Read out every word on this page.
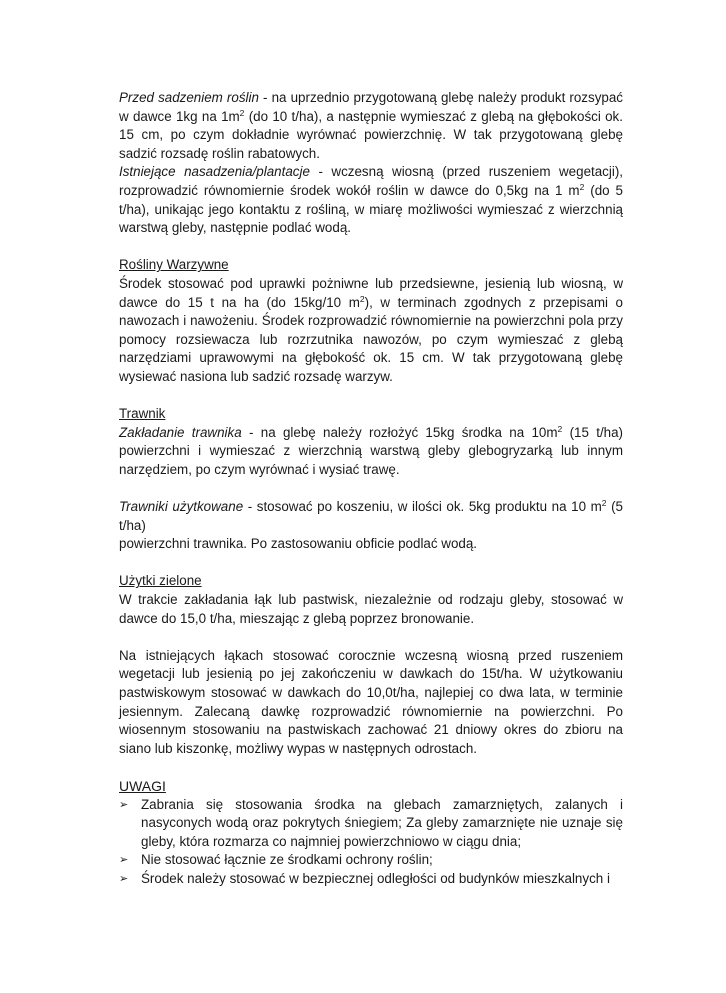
Przed sadzeniem roślin - na uprzednio przygotowaną glebę należy produkt rozsypać w dawce 1kg na $1m^2$ (do 10 t/ha), a następnie wymieszać z glebą na głębokości ok. 15 cm, po czym dokładnie wyrównać powierzchnię. W tak przygotowaną glebę sadzić rozsadę roślin rabatowych.

Istniejące nasadzenia/plantacje - wczesną wiosną (przed ruszeniem wegetacji), rozprowadzić równomiernie środek wokół roślin w dawce do 0,5kg na 1 $m^2$ (do 5 t/ha), unikając jego kontaktu z rośliną, w miarę możliwości wymieszać z wierzchnią warstwą gleby, następnie podlać wodą.

Rośliny Warzywne

Środek stosować pod uprawki pożniwne lub przedsiewne, jesienią lub wiosną, w dawce do 15 t na ha (do 15kg/10 $m^2$), w terminach zgodnych z przepisami o nawozach i nawożeniu. Środek rozprowadzić równomiernie na powierzchni pola przy pomocy rozsiewacza lub rozrzutnika nawozów, po czym wymieszać z glebą narzędziami uprawowymi na głębokość ok. 15 cm. W tak przygotowaną glebę wysiewać nasiona lub sadzić rozsadę warzyw.

Trawnik

Zakładanie trawnika - na glebę należy rozłożyć 15kg środka na $10m^2$ (15 t/ha) powierzchni i wymieszać z wierzchnią warstwą gleby glebogryzarką lub innym narzędziem, po czym wyrównać i wysiać trawę.

Trawniki użytkowane - stosować po koszeniu, w ilości ok. 5kg produktu na 10 $m^2$ (5 t/ha)

powierzchni trawnika. Po zastosowaniu obficie podlać wodą.

Użytki zielone

W trakcie zakładania łąk lub pastwisk, niezależnie od rodzaju gleby, stosować w dawce do 15,0 t/ha, mieszając z glebą poprzez bronowanie.

Na istniejących łąkach stosować corocznie wczesną wiosną przed ruszeniem wegetacji lub jesienią po jej zakończeniu w dawkach do 15t/ha. W użytkowaniu pastwiskowym stosować w dawkach do 10,0t/ha, najlepiej co dwa lata, w terminie jesiennym. Zalecaną dawkę rozprowadzić równomiernie na powierzchni. Po wiosennym stosowaniu na pastwiskach zachować 21 dniowy okres do zbioru na siano lub kiszonkę, możliwy wypas w następnych odrostach.

UWAGI

➢ Zabrania się stosowania środka na glebach zamarzniętych, zalanych i nasyconych wodą oraz pokrytych śniegiem; Za gleby zamarznięte nie uznaje się gleby, która rozmarza co najmniej powierzchniowo w ciągu dnia;
➢ Nie stosować łącznie ze środkami ochrony roślin;
➢ Środek należy stosować w bezpiecznej odległości od budynków mieszkalnych i
